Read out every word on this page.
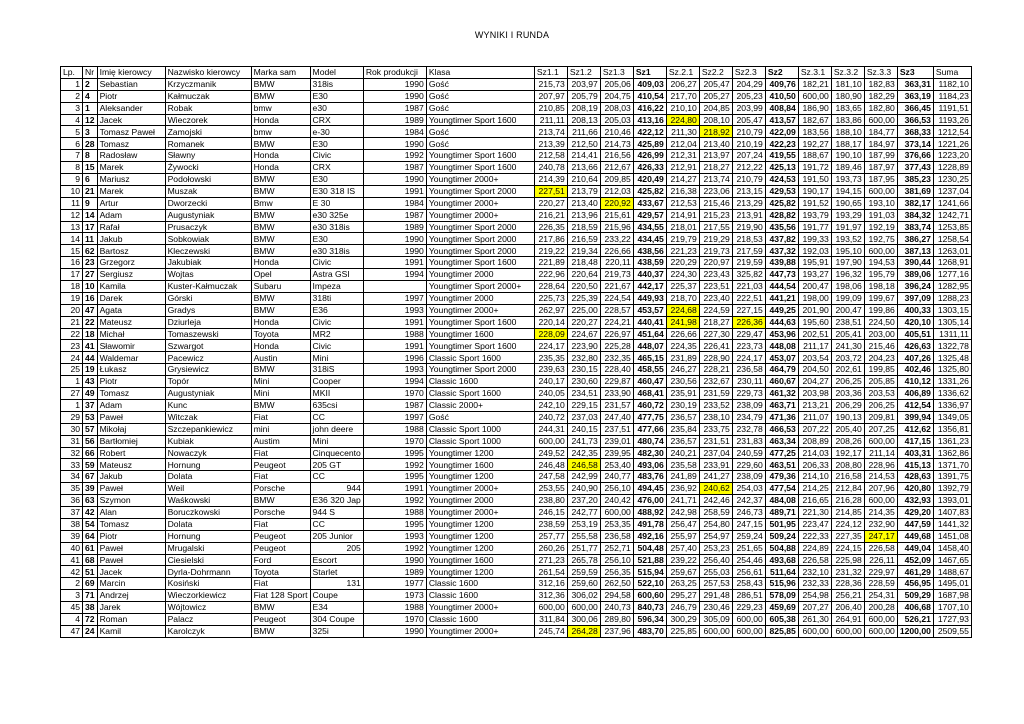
WYNIKI I RUNDA
Lp.	Nr	Imię kierowcy	Nazwisko kierowcy	Marka sam	Model	Rok produkcji	Klasa	Sz1.1	Sz1.2	Sz1.3	Sz1	Sz.2.1	Sz2.2	Sz2.3	Sz2	Sz.3.1	Sz.3.2	Sz.3.3	Sz3	Suma
1	2	Sebastian	Krzyczmanik	BMW	318is	1990	Gość	215,73	203,97	205,06	409,03	206,27	205,47	204,29	409,76	182,21	181,10	182,83	363,31	1182,10
2	4	Piotr	Kałmuczak	BMW	E30	1990	Gość	207,97	205,79	204,75	410,54	217,70	205,27	205,23	410,50	600,00	180,90	182,29	363,19	1184,23
3	1	Aleksander	Robak	bmw	e30	1987	Gość	210,85	208,19	208,03	416,22	210,10	204,85	203,99	408,84	186,90	183,65	182,80	366,45	1191,51
4	12	Jacek	Wieczorek	Honda	CRX	1989	Youngtimer Sport 1600	211,11	208,13	205,03	413,16	224,80	208,10	205,47	413,57	182,67	183,86	600,00	366,53	1193,26
5	3	Tomasz Paweł	Zamojski	bmw	e-30	1984	Gość	213,74	211,66	210,46	422,12	211,30	218,92	210,79	422,09	183,56	188,10	184,77	368,33	1212,54
6	28	Tomasz	Romanek	BMW	E30	1990	Gość	213,39	212,50	214,73	425,89	212,04	213,40	210,19	422,23	192,27	188,17	184,97	373,14	1221,26
7	8	Radosław	Sławny	Honda	Civic	1992	Youngtimer Sport 1600	212,58	214,41	216,56	426,99	212,31	213,97	207,24	419,55	188,67	190,10	187,99	376,66	1223,20
8	15	Marek	Żywocki	Honda	CRX	1987	Youngtimer Sport 1600	240,78	213,66	212,67	426,33	212,91	218,27	212,22	425,13	191,72	189,46	187,97	377,43	1228,89
9	6	Mariusz	Podołowski	BMW	E30	1990	Youngtimer 2000+	214,39	210,64	209,85	420,49	214,27	213,74	210,79	424,53	191,50	193,73	187,95	385,23	1230,25
10	21	Marek	Muszak	BMW	E30 318 IS	1991	Youngtimer Sport 2000	227,51	213,79	212,03	425,82	216,38	223,06	213,15	429,53	190,17	194,15	600,00	381,69	1237,04
11	9	Artur	Dworzecki	Bmw	E 30	1984	Youngtimer 2000+	220,27	213,40	220,92	433,67	212,53	215,46	213,29	425,82	191,52	190,65	193,10	382,17	1241,66
12	14	Adam	Augustyniak	BMW	e30 325e	1987	Youngtimer 2000+	216,21	213,96	215,61	429,57	214,91	215,23	213,91	428,82	193,79	193,29	191,03	384,32	1242,71
13	17	Rafał	Prusaczyk	BMW	e30 318is	1989	Youngtimer Sport 2000	226,35	218,59	215,96	434,55	218,01	217,55	219,90	435,56	191,77	191,97	192,19	383,74	1253,85
14	11	Jakub	Sobkowiak	BMW	E30	1990	Youngtimer Sport 2000	217,86	216,59	233,22	434,45	219,79	219,29	218,53	437,82	199,33	193,52	192,75	386,27	1258,54
15	62	Bartosz	Kleczewski	BMW	e30 318is	1990	Youngtimer Sport 2000	219,22	219,34	226,66	438,56	221,23	219,73	217,59	437,32	192,03	195,10	600,00	387,13	1263,01
16	23	Grzegorz	Jakubiak	Honda	Civic	1991	Youngtimer Sport 1600	221,89	218,48	220,11	438,59	220,29	220,97	219,59	439,88	195,91	197,90	194,53	390,44	1268,91
17	27	Sergiusz	Wojtas	Opel	Astra GSI	1994	Youngtimer 2000	222,96	220,64	219,73	440,37	224,30	223,43	325,82	447,73	193,27	196,32	195,79	389,06	1277,16
18	10	Kamila	Kuster-Kałmuczak	Subaru	Impeza		Youngtimer Sport 2000+	228,64	220,50	221,67	442,17	225,37	223,51	221,03	444,54	200,47	198,06	198,18	396,24	1282,95
19	16	Darek	Górski	BMW	318ti	1997	Youngtimer 2000	225,73	225,39	224,54	449,93	218,70	223,40	222,51	441,21	198,00	199,09	199,67	397,09	1288,23
20	47	Agata	Gradys	BMW	E36	1993	Youngtimer 2000+	262,97	225,00	228,57	453,57	224,68	224,59	227,15	449,25	201,90	200,47	199,86	400,33	1303,15
21	22	Mateusz	Dziurleja	Honda	Civic	1991	Youngtimer Sport 1600	220,14	220,27	224,21	440,41	241,98	218,27	226,36	444,63	195,60	238,51	224,50	420,10	1305,14
22	18	Michał	Tomaszewski	Toyota	MR2	1988	Youngtimer 1600	228,09	224,67	226,97	451,64	226,66	227,30	229,47	453,96	202,51	205,41	203,00	405,51	1311,11
23	41	Sławomir	Szwargot	Honda	Civic	1991	Youngtimer Sport 1600	224,17	223,90	225,28	448,07	224,35	226,41	223,73	448,08	211,17	241,30	215,46	426,63	1322,78
24	44	Waldemar	Pacewicz	Austin	Mini	1996	Classic Sport 1600	235,35	232,80	232,35	465,15	231,89	228,90	224,17	453,07	203,54	203,72	204,23	407,26	1325,48
25	19	Łukasz	Grysiewicz	BMW	318iS	1993	Youngtimer Sport 2000	239,63	230,15	228,40	458,55	246,27	228,21	236,58	464,79	204,50	202,61	199,85	402,46	1325,80
1	43	Piotr	Topór	Mini	Cooper	1994	Classic 1600	240,17	230,60	229,87	460,47	230,56	232,67	230,11	460,67	204,27	206,25	205,85	410,12	1331,26
27	49	Tomasz	Augustyniak	Mini	MKII	1970	Classic Sport 1600	240,05	234,51	233,90	468,41	235,91	231,59	229,73	461,32	203,98	203,36	203,53	406,89	1336,62
1	37	Adam	Kunc	BMW	635csi	1987	Classic 2000+	242,10	229,15	231,57	460,72	230,19	233,52	238,09	463,71	213,21	206,29	206,25	412,54	1336,97
29	53	Paweł	Witczak	Fiat	CC	1997	Gość	240,72	237,03	247,40	477,75	236,57	238,10	234,79	471,36	211,07	190,13	209,81	399,94	1349,05
30	57	Mikołaj	Szczepankiewicz	mini	john deere	1988	Classic Sport 1000	244,31	240,15	237,51	477,66	235,84	233,75	232,78	466,53	207,22	205,40	207,25	412,62	1356,81
31	56	Bartłomiej	Kubiak	Austim	Mini	1970	Classic Sport 1000	600,00	241,73	239,01	480,74	236,57	231,51	231,83	463,34	208,89	208,26	600,00	417,15	1361,23
32	66	Robert	Nowaczyk	Fiat	Cinquecento	1995	Youngtimer 1200	249,52	242,35	239,95	482,30	240,21	237,04	240,59	477,25	214,03	192,17	211,14	403,31	1362,86
33	59	Mateusz	Hornung	Peugeot	205 GT	1992	Youngtimer 1600	246,48	246,58	253,40	493,06	235,58	233,91	229,60	463,51	206,33	208,80	228,96	415,13	1371,70
34	67	Jakub	Dolata	Fiat	CC	1995	Youngtimer 1200	247,58	242,99	240,77	483,76	241,89	241,27	238,09	479,36	214,10	216,58	214,53	428,63	1391,75
35	39	Paweł	Weil	Porsche	944	1991	Youngtimer 2000+	253,55	240,90	256,10	494,45	236,92	240,62	254,03	477,54	214,25	212,84	207,96	420,80	1392,79
36	63	Szymon	Waśkowski	BMW	E36 320 Jap	1992	Youngtimer 2000	238,80	237,20	240,42	476,00	241,71	242,46	242,37	484,08	216,65	216,28	600,00	432,93	1393,01
37	42	Alan	Boruczkowski	Porsche	944 S	1988	Youngtimer 2000+	246,15	242,77	600,00	488,92	242,98	258,59	246,73	489,71	221,30	214,85	214,35	429,20	1407,83
38	54	Tomasz	Dolata	Fiat	CC	1995	Youngtimer 1200	238,59	253,19	253,35	491,78	256,47	254,80	247,15	501,95	223,47	224,12	232,90	447,59	1441,32
39	64	Piotr	Hornung	Peugeot	205 Junior	1993	Youngtimer 1200	257,77	255,58	236,58	492,16	255,97	254,97	259,24	509,24	222,33	227,35	247,17	449,68	1451,08
40	61	Paweł	Mrugalski	Peugeot	205	1992	Youngtimer 1200	260,26	251,77	252,71	504,48	257,40	253,23	251,65	504,88	224,89	224,15	226,58	449,04	1458,40
41	68	Paweł	Ciesielski	Ford	Escort	1990	Youngtimer 1600	271,23	265,78	256,10	521,88	239,22	256,40	254,46	493,68	226,58	225,98	226,11	452,09	1467,65
42	51	Jacek	Dyrla-Dohrmann	Toyota	Starlet	1989	Youngtimer 1200	261,54	259,59	256,35	515,94	259,67	255,03	256,61	511,64	232,10	231,32	229,97	461,29	1488,67
2	69	Marcin	Kosiński	Fiat	131	1977	Classic 1600	312,16	259,60	262,50	522,10	263,25	257,53	258,43	515,96	232,33	228,36	228,59	456,95	1495,01
3	71	Andrzej	Wieczorkiewicz	Fiat 128 Sport	Coupe	1973	Classic 1600	312,36	306,02	294,58	600,60	295,27	291,48	286,51	578,09	254,98	256,21	254,31	509,29	1687,98
45	38	Jarek	Wójtowicz	BMW	E34	1988	Youngtimer 2000+	600,00	600,00	240,73	840,73	246,79	230,46	229,23	459,69	207,27	206,40	200,28	406,68	1707,10
4	72	Roman	Palacz	Peugeot	304 Coupe	1970	Classic 1600	311,84	300,06	289,80	596,34	300,29	305,09	600,00	605,38	261,30	264,91	600,00	526,21	1727,93
47	24	Kamil	Karolczyk	BMW	325i	1990	Youngtimer 2000+	245,74	264,28	237,96	483,70	225,85	600,00	600,00	825,85	600,00	600,00	600,00	1200,00	2509,55
